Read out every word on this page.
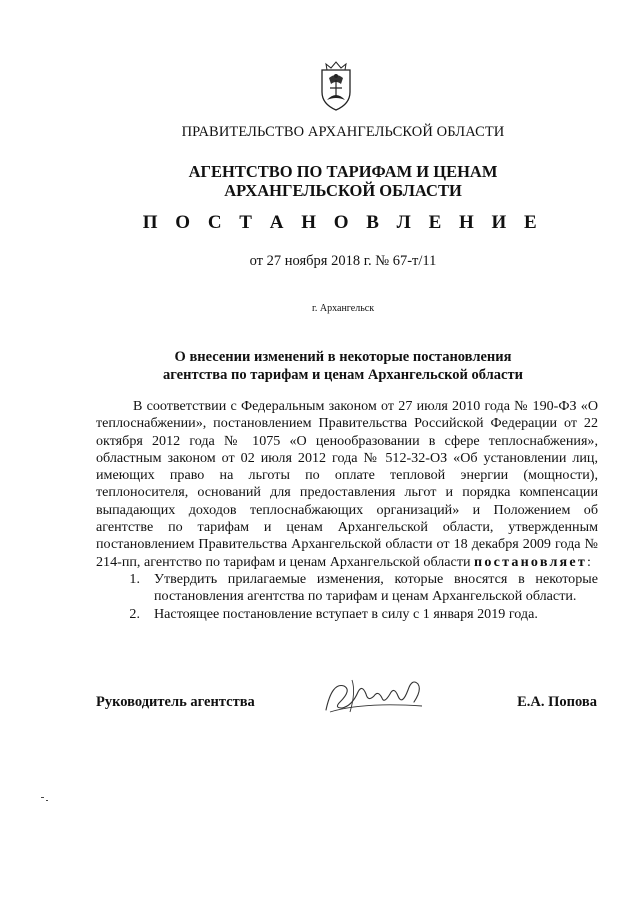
ПРАВИТЕЛЬСТВО АРХАНГЕЛЬСКОЙ ОБЛАСТИ
АГЕНТСТВО ПО ТАРИФАМ И ЦЕНАМ
АРХАНГЕЛЬСКОЙ ОБЛАСТИ
П О С Т А Н О В Л Е Н И Е
от 27 ноября 2018 г. № 67-т/11
г. Архангельск
О внесении изменений в некоторые постановления
агентства по тарифам и ценам Архангельской области

В соответствии с Федеральным законом от 27 июля 2010 года № 190-ФЗ «О теплоснабжении», постановлением Правительства Российской Федерации от 22 октября 2012 года № 1075 «О ценообразовании в сфере теплоснабжения», областным законом от 02 июля 2012 года № 512-32-ОЗ «Об установлении лиц, имеющих право на льготы по оплате тепловой энергии (мощности), теплоносителя, оснований для предоставления льгот и порядка компенсации выпадающих доходов теплоснабжающих организаций» и Положением об агентстве по тарифам и ценам Архангельской области, утвержденным постановлением Правительства Архангельской области от 18 декабря 2009 года № 214-пп, агентство по тарифам и ценам Архангельской области постановляет:

1. Утвердить прилагаемые изменения, которые вносятся в некоторые постановления агентства по тарифам и ценам Архангельской области.
2. Настоящее постановление вступает в силу с 1 января 2019 года.
Руководитель агентства	Е.А. Попова
